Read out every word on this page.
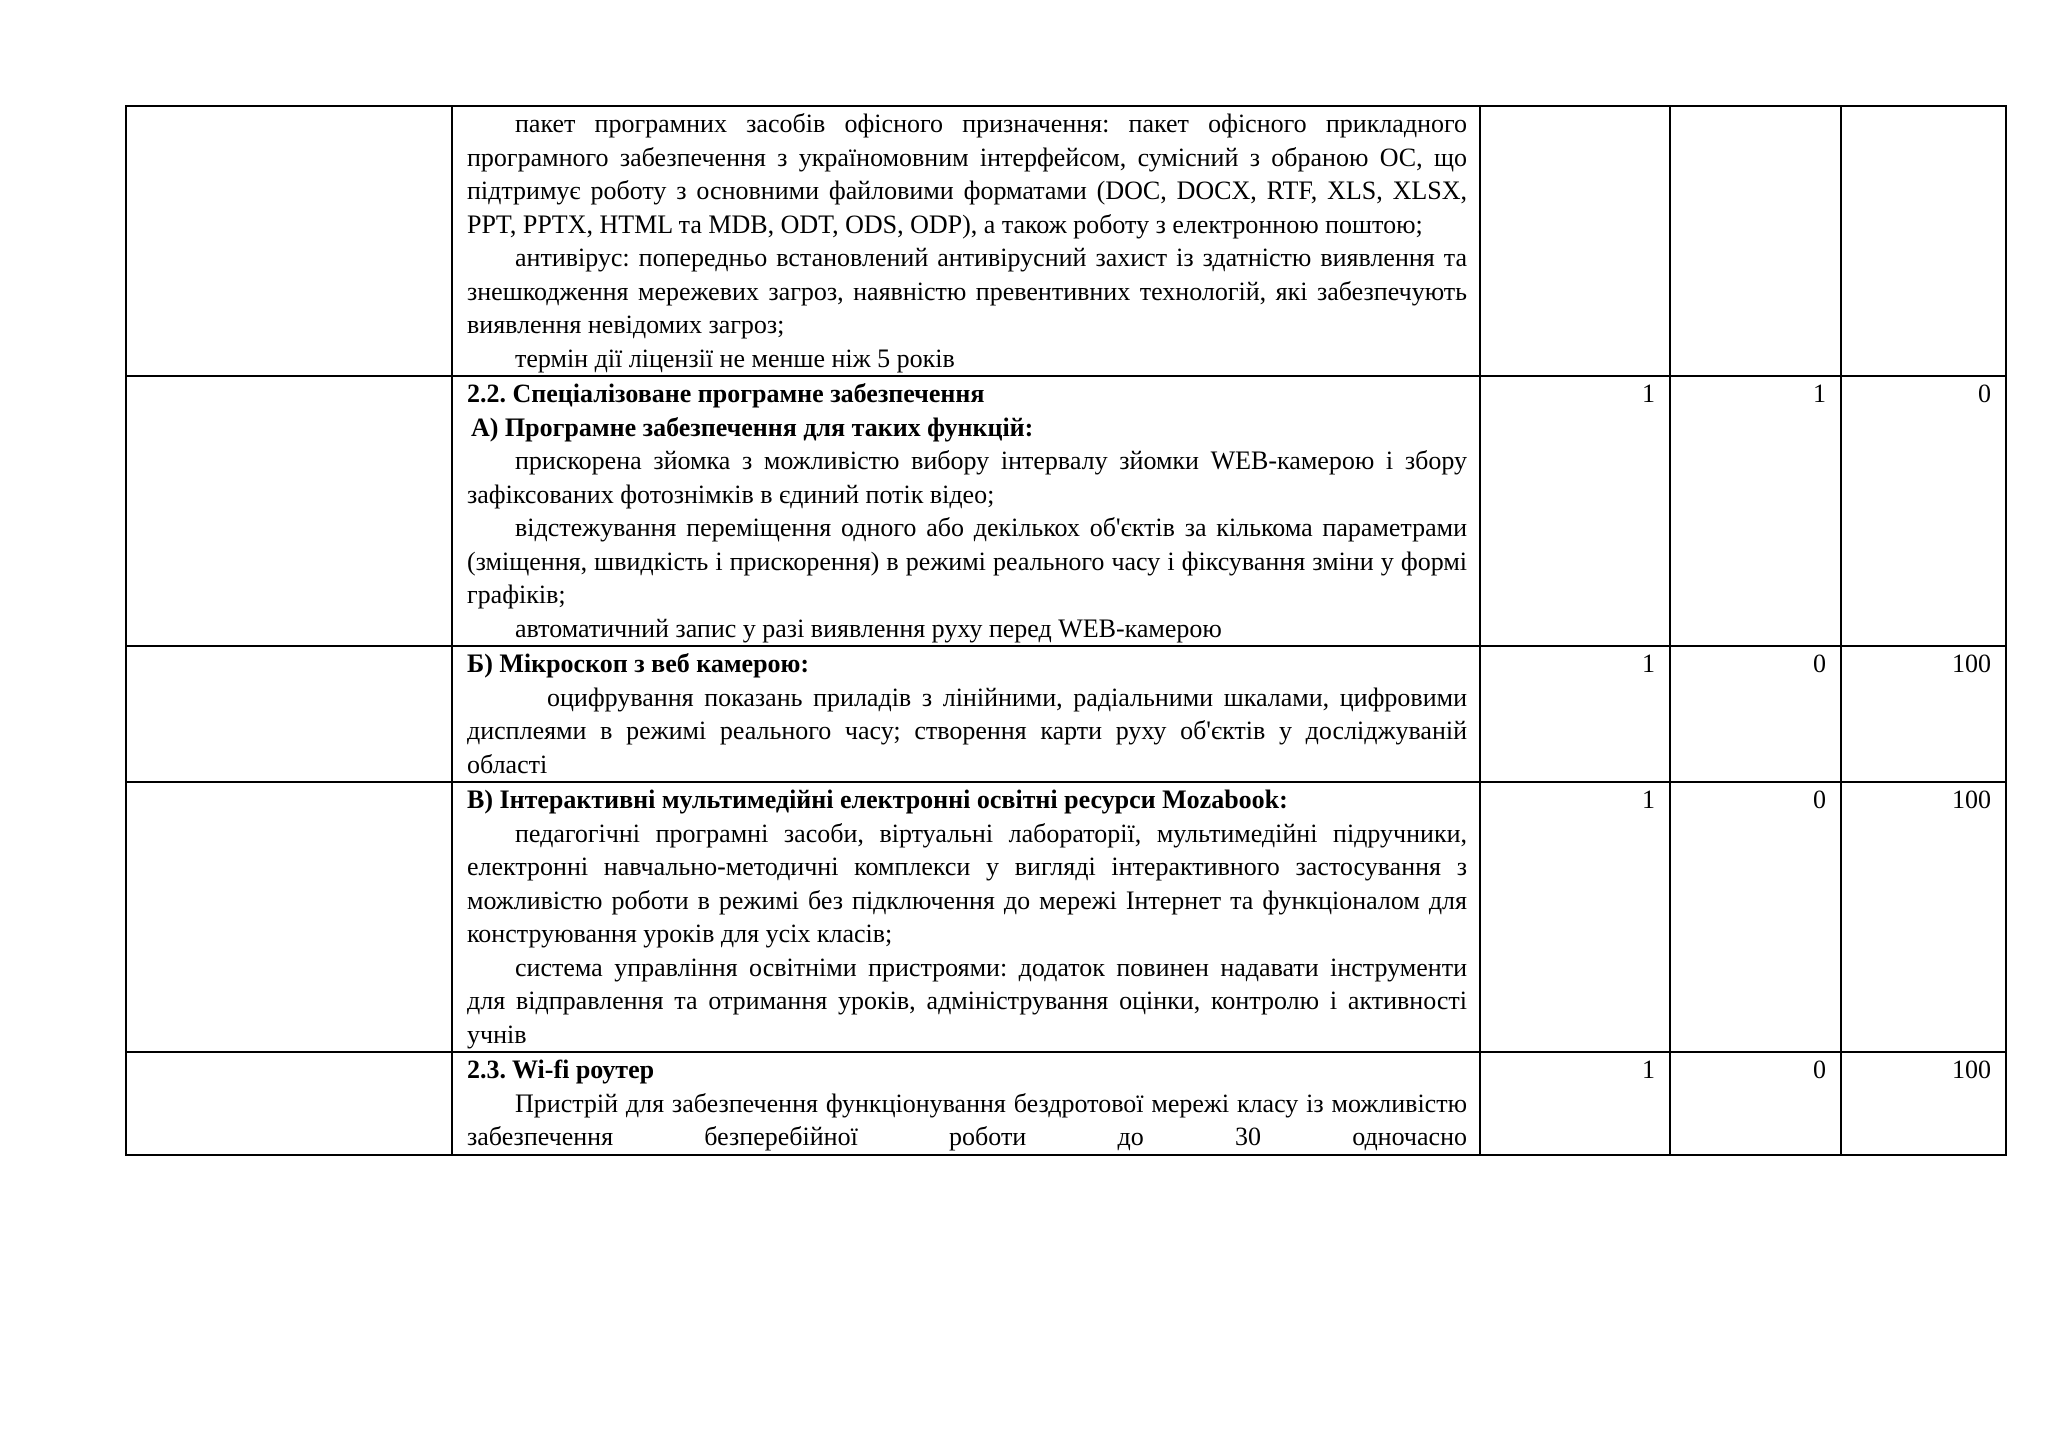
	пакет програмних засобів офісного призначення: пакет офісного прикладного програмного забезпечення з україномовним інтерфейсом, сумісний з обраною ОС, що підтримує роботу з основними файловими форматами (DOC, DOCX, RTF, XLS, XLSX, PPT, PPTX, HTML та MDB, ODT, ODS, ODP), а також роботу з електронною поштою;
антивірус: попередньо встановлений антивірусний захист із здатністю виявлення та знешкодження мережевих загроз, наявністю превентивних технологій, які забезпечують виявлення невідомих загроз;
термін дії ліцензії не менше ніж 5 років			

	2.2. Спеціалізоване програмне забезпечення
А) Програмне забезпечення для таких функцій:
прискорена зйомка з можливістю вибору інтервалу зйомки WEB-камерою і збору зафіксованих фотознімків в єдиний потік відео;
відстежування переміщення одного або декількох об'єктів за кількома параметрами (зміщення, швидкість і прискорення) в режимі реального часу і фіксування зміни у формі графіків;
автоматичний запис у разі виявлення руху перед WEB-камерою	1	1	0

	Б) Мікроскоп з веб камерою:
оцифрування показань приладів з лінійними, радіальними шкалами, цифровими дисплеями в режимі реального часу; створення карти руху об'єктів у досліджуваній області	1	0	100

	В) Інтерактивні мультимедійні електронні освітні ресурси Mozabook:
педагогічні програмні засоби, віртуальні лабораторії, мультимедійні підручники, електронні навчально-методичні комплекси у вигляді інтерактивного застосування з можливістю роботи в режимі без підключення до мережі Інтернет та функціоналом для конструювання уроків для усіх класів;
система управління освітніми пристроями: додаток повинен надавати інструменти для відправлення та отримання уроків, адміністрування оцінки, контролю і активності учнів	1	0	100

	2.3. Wi-fi роутер
Пристрій для забезпечення функціонування бездротової мережі класу із можливістю забезпечення безперебійної роботи до 30 одночасно	1	0	100
